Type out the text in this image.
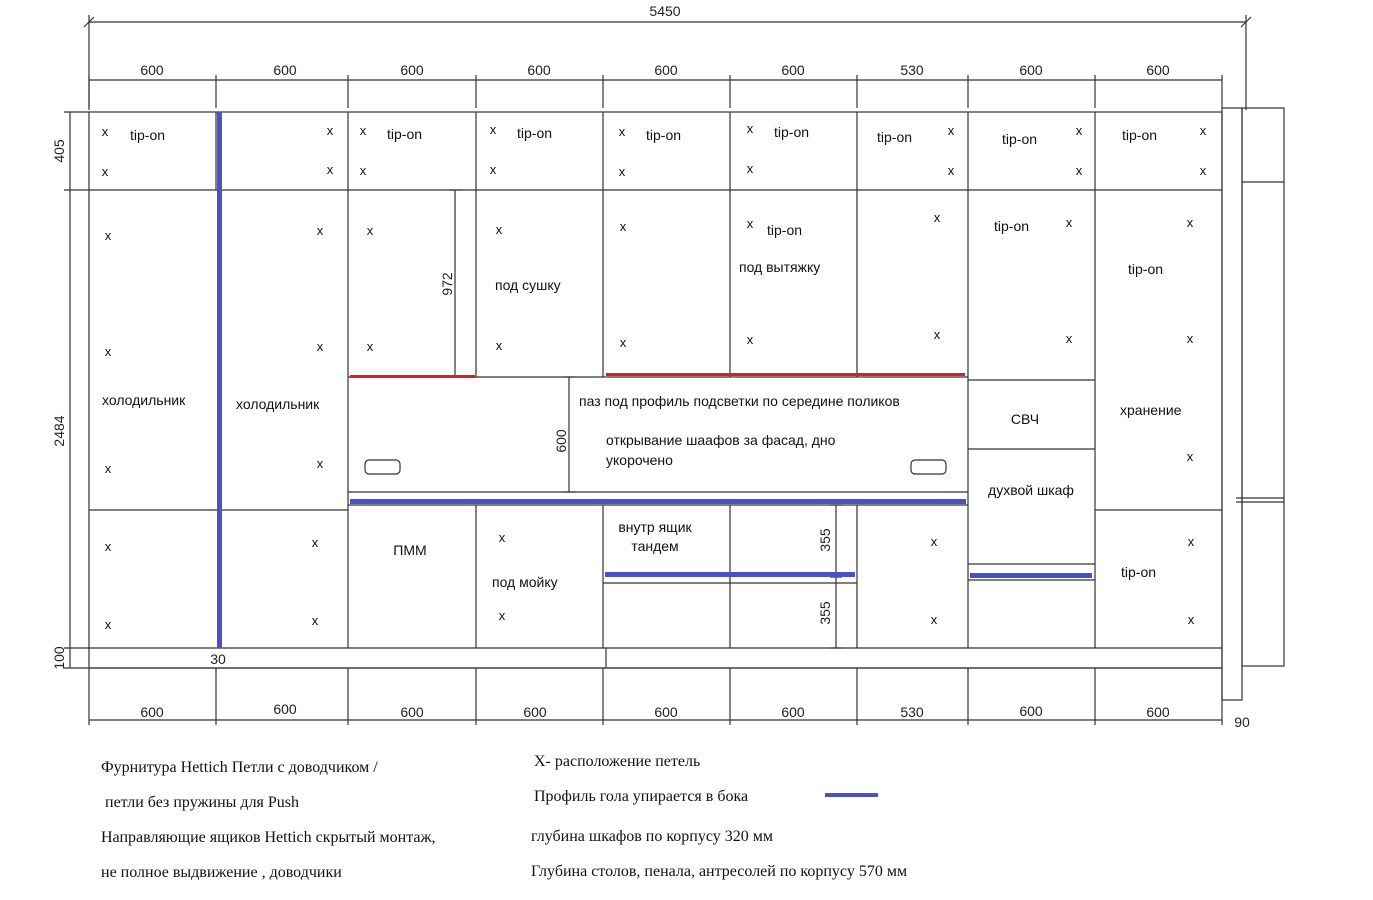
5450
600	600	600	600	600	600	530	600	600
600	600	600	600	600	600	530	600	600
405
2484
100
972
600
355
355
30
90
x
x
x
x
x
x
x
x
x
x
x
x
x
x
x
x
x
x
x
x
x
x
x
x
x
x
x
x
x
x
x
x
x
x
x
x
x
x
x
x
x
x
x
x
x
x
x
x
x
tip-on	tip-on	tip-on	tip-on	tip-on	tip-on	tip-on	tip-on
tip-on	tip-on
tip-on
tip-on
холодильник	холодильник
под сушку
под вытяжку
паз под профиль подсветки по середине поликов
открывание шаафов за фасад, дно
укорочено
СВЧ
духвой шкаф
хранение
ПММ
под мойку
внутр ящик
тандем
Фурнитура Hettich Петли с доводчиком /
петли без пружины для Push
Направляющие ящиков Hettich скрытый монтаж,
не полное выдвижение , доводчики
X- расположение петель
Профиль гола упирается в бока
глубина шкафов по корпусу 320 мм
Глубина столов, пенала, антресолей по корпусу 570 мм
